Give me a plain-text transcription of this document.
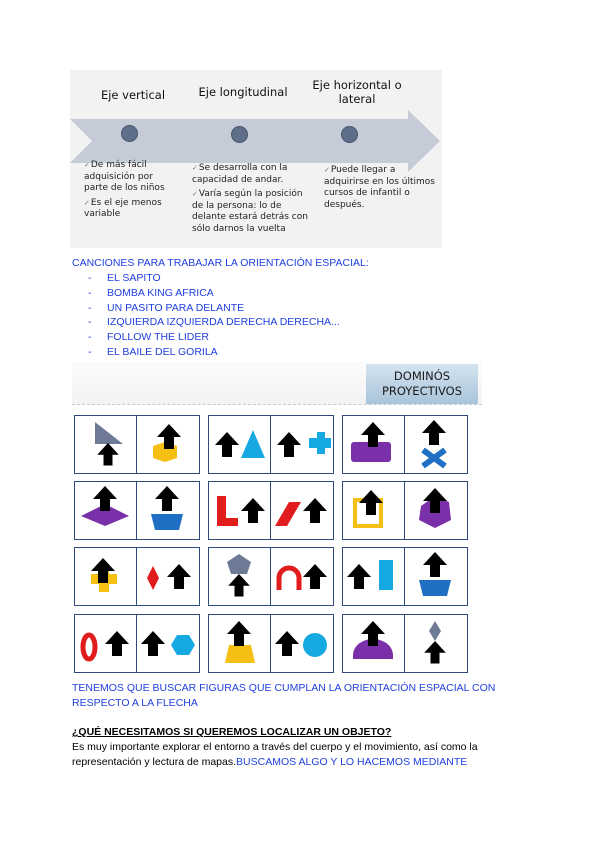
Eje vertical	Eje longitudinal	Eje horizontal o lateral
✓ De más fácil adquisición por parte de los niños
✓ Es el eje menos variable
✓ Se desarrolla con la capacidad de andar.
✓ Varía según la posición de la persona: lo de delante estará detrás con sólo darnos la vuelta
✓ Puede llegar a adquirirse en los últimos cursos de infantil o después.
CANCIONES PARA TRABAJAR LA ORIENTACIÓN ESPACIAL:
- EL SAPITO
- BOMBA KING AFRICA
- UN PASITO PARA DELANTE
- IZQUIERDA IZQUIERDA DERECHA DERECHA...
- FOLLOW THE LIDER
- EL BAILE DEL GORILA
DOMINÓS
PROYECTIVOS
TENEMOS QUE BUSCAR FIGURAS QUE CUMPLAN LA ORIENTACIÓN ESPACIAL CON RESPECTO A LA FLECHA
¿QUÉ NECESITAMOS SI QUEREMOS LOCALIZAR UN OBJETO?
Es muy importante explorar el entorno a través del cuerpo y el movimiento, así como la representación y lectura de mapas.BUSCAMOS ALGO Y LO HACEMOS MEDIANTE
